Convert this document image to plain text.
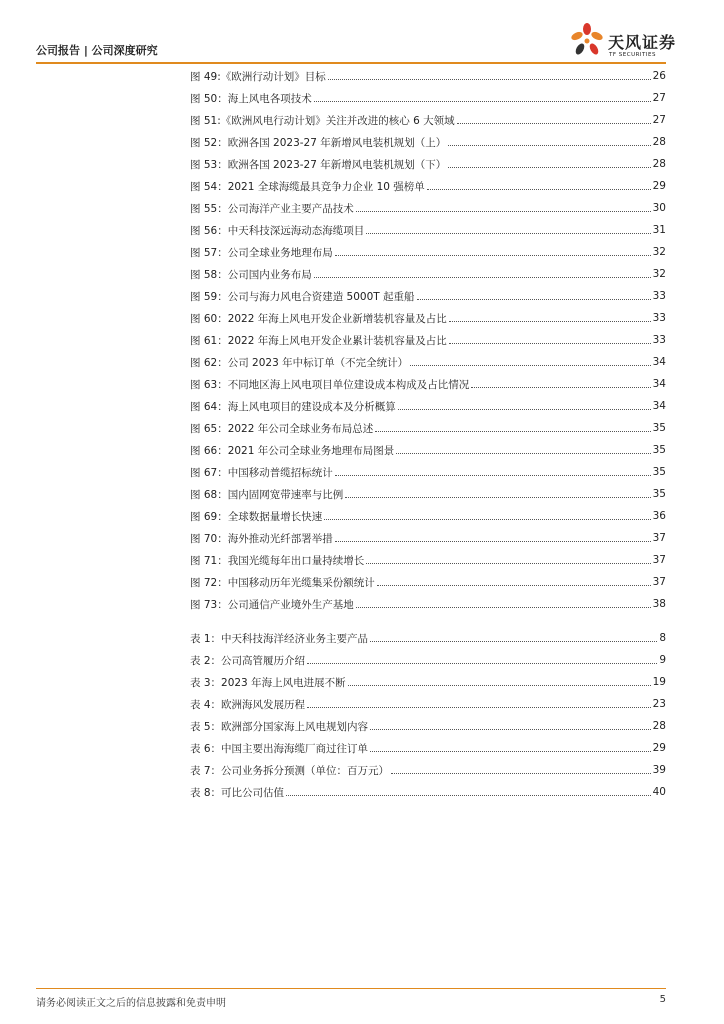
公司报告 | 公司深度研究	天风证券
TF SECURITIES
图 49:《欧洲行动计划》目标	26
图 50：海上风电各项技术	27
图 51:《欧洲风电行动计划》关注并改进的核心 6 大领域	27
图 52：欧洲各国 2023-27 年新增风电装机规划（上）	28
图 53：欧洲各国 2023-27 年新增风电装机规划（下）	28
图 54：2021 全球海缆最具竞争力企业 10 强榜单	29
图 55：公司海洋产业主要产品技术	30
图 56：中天科技深远海动态海缆项目	31
图 57：公司全球业务地理布局	32
图 58：公司国内业务布局	32
图 59：公司与海力风电合资建造 5000T 起重船	33
图 60：2022 年海上风电开发企业新增装机容量及占比	33
图 61：2022 年海上风电开发企业累计装机容量及占比	33
图 62：公司 2023 年中标订单（不完全统计）	34
图 63：不同地区海上风电项目单位建设成本构成及占比情况	34
图 64：海上风电项目的建设成本及分析概算	34
图 65：2022 年公司全球业务布局总述	35
图 66：2021 年公司全球业务地理布局图景	35
图 67：中国移动普缆招标统计	35
图 68：国内固网宽带速率与比例	35
图 69：全球数据量增长快速	36
图 70：海外推动光纤部署举措	37
图 71：我国光缆每年出口量持续增长	37
图 72：中国移动历年光缆集采份额统计	37
图 73：公司通信产业境外生产基地	38
表 1：中天科技海洋经济业务主要产品	8
表 2：公司高管履历介绍	9
表 3：2023 年海上风电进展不断	19
表 4：欧洲海风发展历程	23
表 5：欧洲部分国家海上风电规划内容	28
表 6：中国主要出海海缆厂商过往订单	29
表 7：公司业务拆分预测（单位：百万元）	39
表 8：可比公司估值	40
请务必阅读正文之后的信息披露和免责申明	5
